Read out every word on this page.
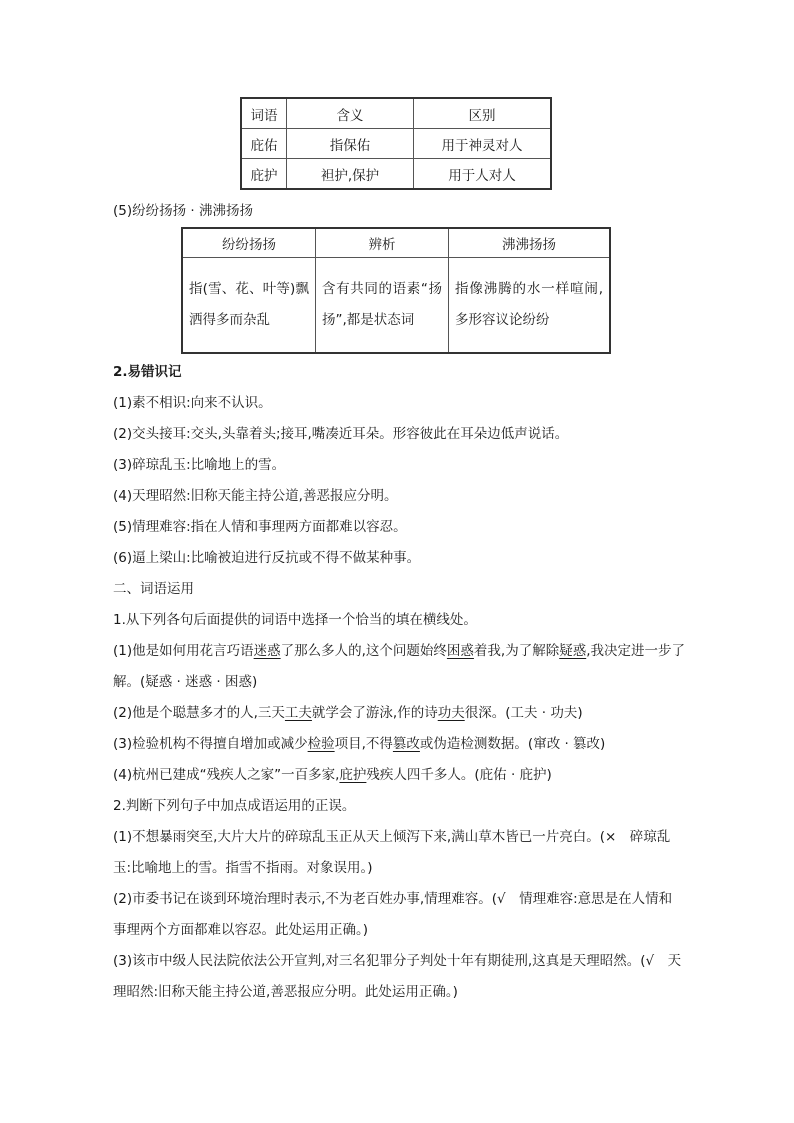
词语	含义	区别
庇佑	指保佑	用于神灵对人
庇护	袒护,保护	用于人对人
(5)纷纷扬扬 · 沸沸扬扬
纷纷扬扬	辨析	沸沸扬扬
指(雪、花、叶等)飘洒得多而杂乱	含有共同的语素“扬扬”,都是状态词	指像沸腾的水一样喧闹,多形容议论纷纷
2.易错识记
(1)素不相识:向来不认识。
(2)交头接耳:交头,头靠着头;接耳,嘴凑近耳朵。形容彼此在耳朵边低声说话。
(3)碎琼乱玉:比喻地上的雪。
(4)天理昭然:旧称天能主持公道,善恶报应分明。
(5)情理难容:指在人情和事理两方面都难以容忍。
(6)逼上梁山:比喻被迫进行反抗或不得不做某种事。
二、词语运用
1.从下列各句后面提供的词语中选择一个恰当的填在横线处。
(1)他是如何用花言巧语迷惑了那么多人的,这个问题始终困惑着我,为了解除疑惑,我决定进一步了解。(疑惑 · 迷惑 · 困惑)
(2)他是个聪慧多才的人,三天工夫就学会了游泳,作的诗功夫很深。(工夫 · 功夫)
(3)检验机构不得擅自增加或减少检验项目,不得篡改或伪造检测数据。(窜改 · 篡改)
(4)杭州已建成“残疾人之家”一百多家,庇护残疾人四千多人。(庇佑 · 庇护)
2.判断下列句子中加点成语运用的正误。
(1)不想暴雨突至,大片大片的碎琼乱玉正从天上倾泻下来,满山草木皆已一片亮白。(×　碎琼乱玉:比喻地上的雪。指雪不指雨。对象误用。)
(2)市委书记在谈到环境治理时表示,不为老百姓办事,情理难容。(√　情理难容:意思是在人情和事理两个方面都难以容忍。此处运用正确。)
(3)该市中级人民法院依法公开宣判,对三名犯罪分子判处十年有期徒刑,这真是天理昭然。(√　天理昭然:旧称天能主持公道,善恶报应分明。此处运用正确。)
